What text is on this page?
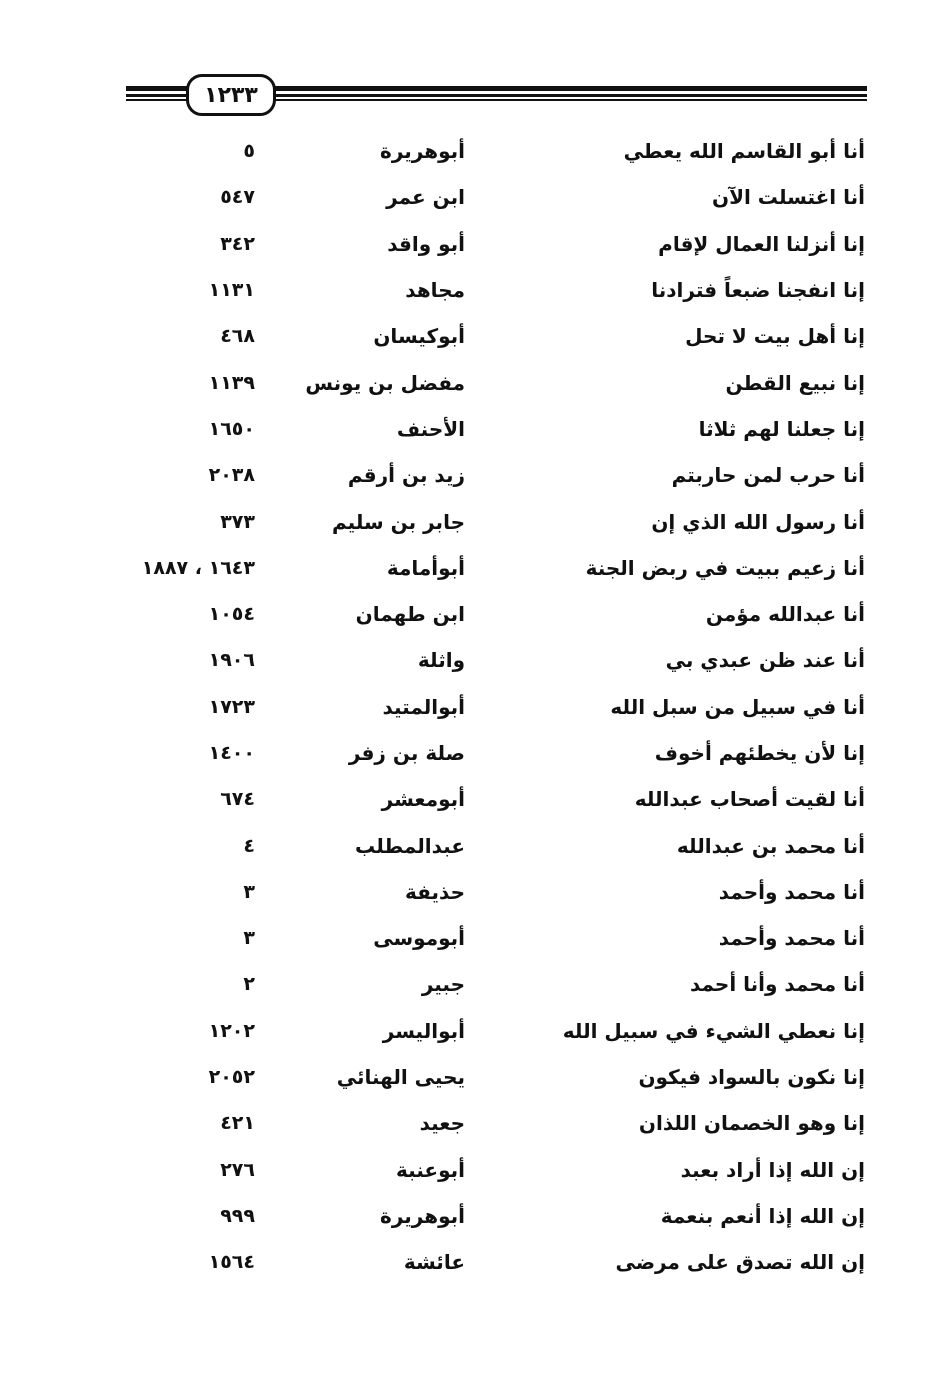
١٢٣٣
أنا أبو القاسم الله يعطي
أبوهريرة
٥
أنا اغتسلت الآن
ابن عمر
٥٤٧
إنا أنزلنا العمال لإقام
أبو واقد
٣٤٢
إنا انفجنا ضبعاً فترادنا
مجاهد
١١٣١
إنا أهل بيت لا تحل
أبوكيسان
٤٦٨
إنا نبيع القطن
مفضل بن يونس
١١٣٩
إنا جعلنا لهم ثلاثا
الأحنف
١٦٥٠
أنا حرب لمن حاربتم
زيد بن أرقم
٢٠٣٨
أنا رسول الله الذي إن
جابر بن سليم
٣٧٣
أنا زعيم ببيت في ربض الجنة
أبوأمامة
١٦٤٣ ، ١٨٨٧
أنا عبدالله مؤمن
ابن طهمان
١٠٥٤
أنا عند ظن عبدي بي
واثلة
١٩٠٦
أنا في سبيل من سبل الله
أبوالمتيد
١٧٢٣
إنا لأن يخطئهم أخوف
صلة بن زفر
١٤٠٠
أنا لقيت أصحاب عبدالله
أبومعشر
٦٧٤
أنا محمد بن عبدالله
عبدالمطلب
٤
أنا محمد وأحمد
حذيفة
٣
أنا محمد وأحمد
أبوموسى
٣
أنا محمد وأنا أحمد
جبير
٢
إنا نعطي الشيء في سبيل الله
أبواليسر
١٢٠٢
إنا نكون بالسواد فيكون
يحيى الهنائي
٢٠٥٢
إنا وهو الخصمان اللذان
جعيد
٤٢١
إن الله إذا أراد بعبد
أبوعنبة
٢٧٦
إن الله إذا أنعم بنعمة
أبوهريرة
٩٩٩
إن الله تصدق على مرضى
عائشة
١٥٦٤
